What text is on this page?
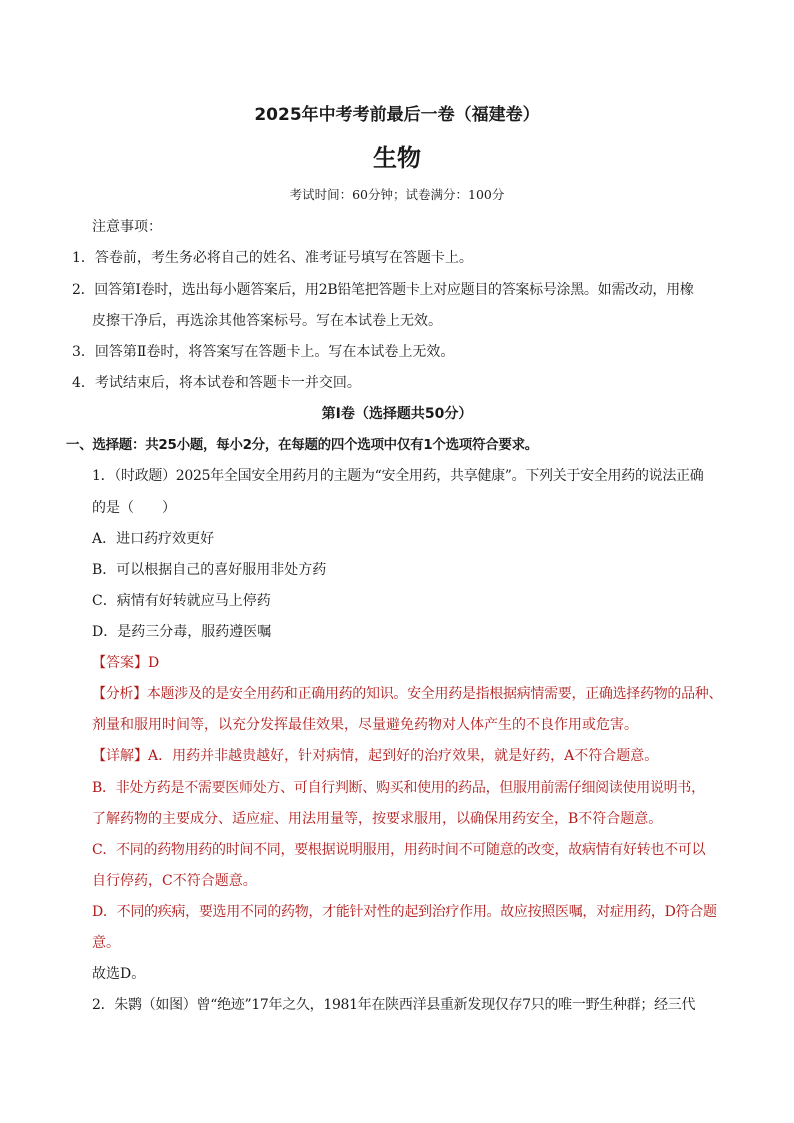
2025年中考考前最后一卷（福建卷）
生物
考试时间：60分钟；试卷满分：100分
注意事项：
1．答卷前，考生务必将自己的姓名、准考证号填写在答题卡上。
2．回答第Ⅰ卷时，选出每小题答案后，用2B铅笔把答题卡上对应题目的答案标号涂黑。如需改动，用橡
皮擦干净后，再选涂其他答案标号。写在本试卷上无效。
3．回答第Ⅱ卷时，将答案写在答题卡上。写在本试卷上无效。
4．考试结束后，将本试卷和答题卡一并交回。
第Ⅰ卷（选择题共50分）
一、选择题：共25小题，每小2分，在每题的四个选项中仅有1个选项符合要求。
1．（时政题）2025年全国安全用药月的主题为“安全用药，共享健康”。下列关于安全用药的说法正确
的是（　　）
A．进口药疗效更好
B．可以根据自己的喜好服用非处方药
C．病情有好转就应马上停药
D．是药三分毒，服药遵医嘱
【答案】D
【分析】本题涉及的是安全用药和正确用药的知识。安全用药是指根据病情需要，正确选择药物的品种、
剂量和服用时间等，以充分发挥最佳效果，尽量避免药物对人体产生的不良作用或危害。
【详解】A．用药并非越贵越好，针对病情，起到好的治疗效果，就是好药，A不符合题意。
B．非处方药是不需要医师处方、可自行判断、购买和使用的药品，但服用前需仔细阅读使用说明书，
了解药物的主要成分、适应症、用法用量等，按要求服用，以确保用药安全，B不符合题意。
C．不同的药物用药的时间不同，要根据说明服用，用药时间不可随意的改变，故病情有好转也不可以
自行停药，C不符合题意。
D．不同的疾病，要选用不同的药物，才能针对性的起到治疗作用。故应按照医嘱，对症用药，D符合题
意。
故选D。
2．朱鹮（如图）曾“绝迹”17年之久，1981年在陕西洋县重新发现仅存7只的唯一野生种群；经三代
